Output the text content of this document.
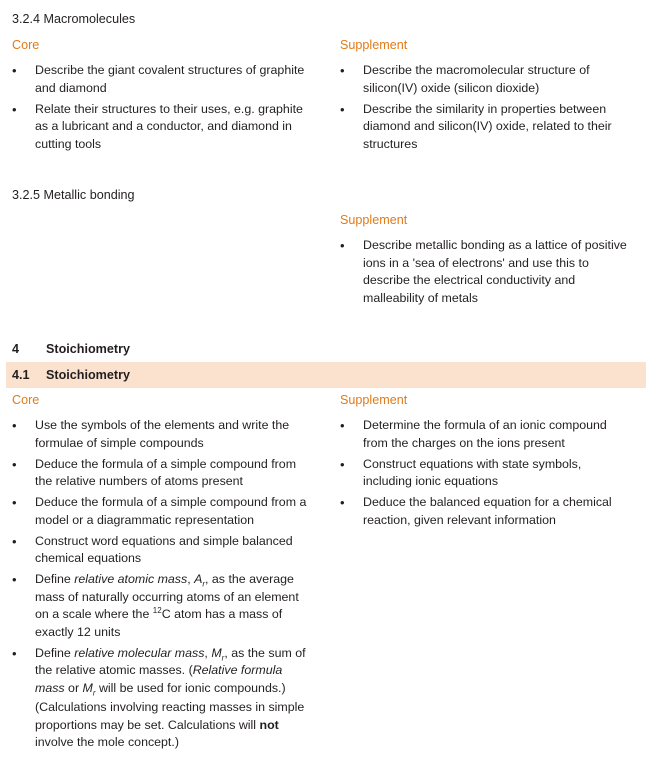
3.2.4 Macromolecules
Core	Supplement
• Describe the giant covalent structures of graphite and diamond
• Relate their structures to their uses, e.g. graphite as a lubricant and a conductor, and diamond in cutting tools
• Describe the macromolecular structure of silicon(IV) oxide (silicon dioxide)
• Describe the similarity in properties between diamond and silicon(IV) oxide, related to their structures
3.2.5 Metallic bonding
Supplement
• Describe metallic bonding as a lattice of positive ions in a 'sea of electrons' and use this to describe the electrical conductivity and malleability of metals
4 Stoichiometry
4.1 Stoichiometry
Core	Supplement
• Use the symbols of the elements and write the formulae of simple compounds
• Deduce the formula of a simple compound from the relative numbers of atoms present
• Deduce the formula of a simple compound from a model or a diagrammatic representation
• Construct word equations and simple balanced chemical equations
• Define relative atomic mass, $A_r$, as the average mass of naturally occurring atoms of an element on a scale where the $^{12}$C atom has a mass of exactly 12 units
• Define relative molecular mass, $M_r$, as the sum of the relative atomic masses. (Relative formula mass or $M_r$ will be used for ionic compounds.)
(Calculations involving reacting masses in simple proportions may be set. Calculations will not involve the mole concept.)
• Determine the formula of an ionic compound from the charges on the ions present
• Construct equations with state symbols, including ionic equations
• Deduce the balanced equation for a chemical reaction, given relevant information
